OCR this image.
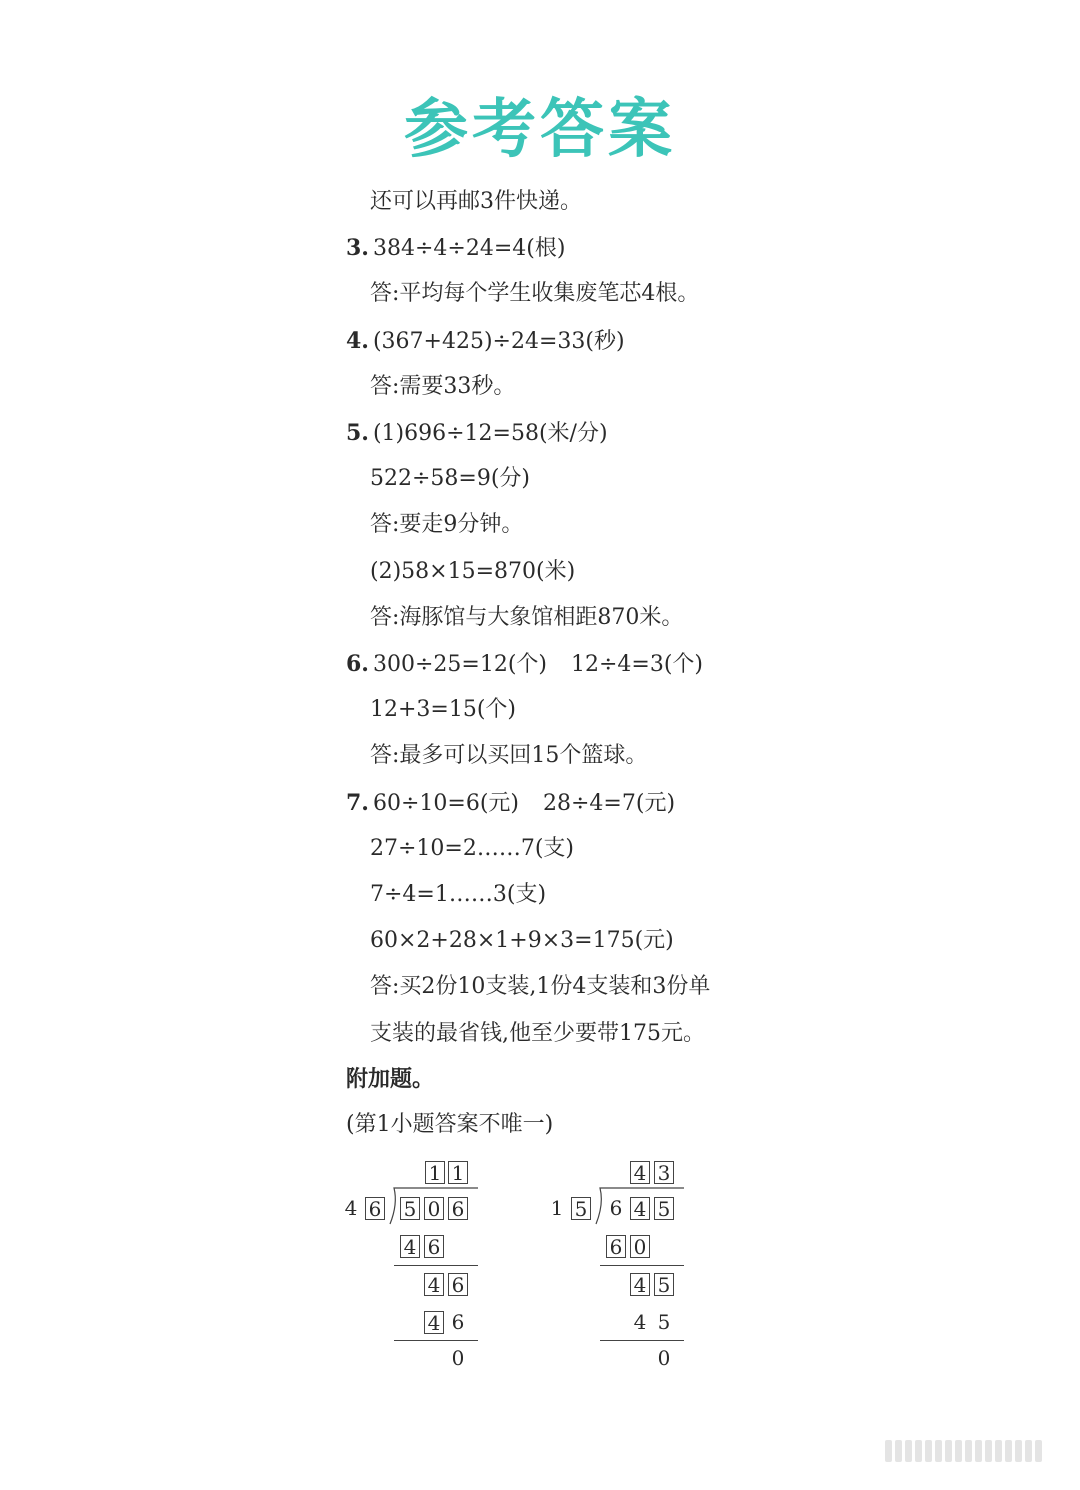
参考答案
还可以再邮3件快递。
3. 384÷4÷24=4(根)
答:平均每个学生收集废笔芯4根。
4. (367+425)÷24=33(秒)
答:需要33秒。
5. (1)696÷12=58(米/分)
522÷58=9(分)
答:要走9分钟。
(2)58×15=870(米)
答:海豚馆与大象馆相距870米。
6. 300÷25=12(个) 12÷4=3(个)
12+3=15(个)
答:最多可以买回15个篮球。
7. 60÷10=6(元) 28÷4=7(元)
27÷10=2……7(支)
7÷4=1……3(支)
60×2+28×1+9×3=175(元)
答:买2份10支装,1份4支装和3份单
支装的最省钱,他至少要带175元。
附加题。
(第1小题答案不唯一)
1 1
4 6 5 0 6
4 6
4 6
4 6
0
4 3
1 5 6 4 5
6 0
4 5
4 5
0
